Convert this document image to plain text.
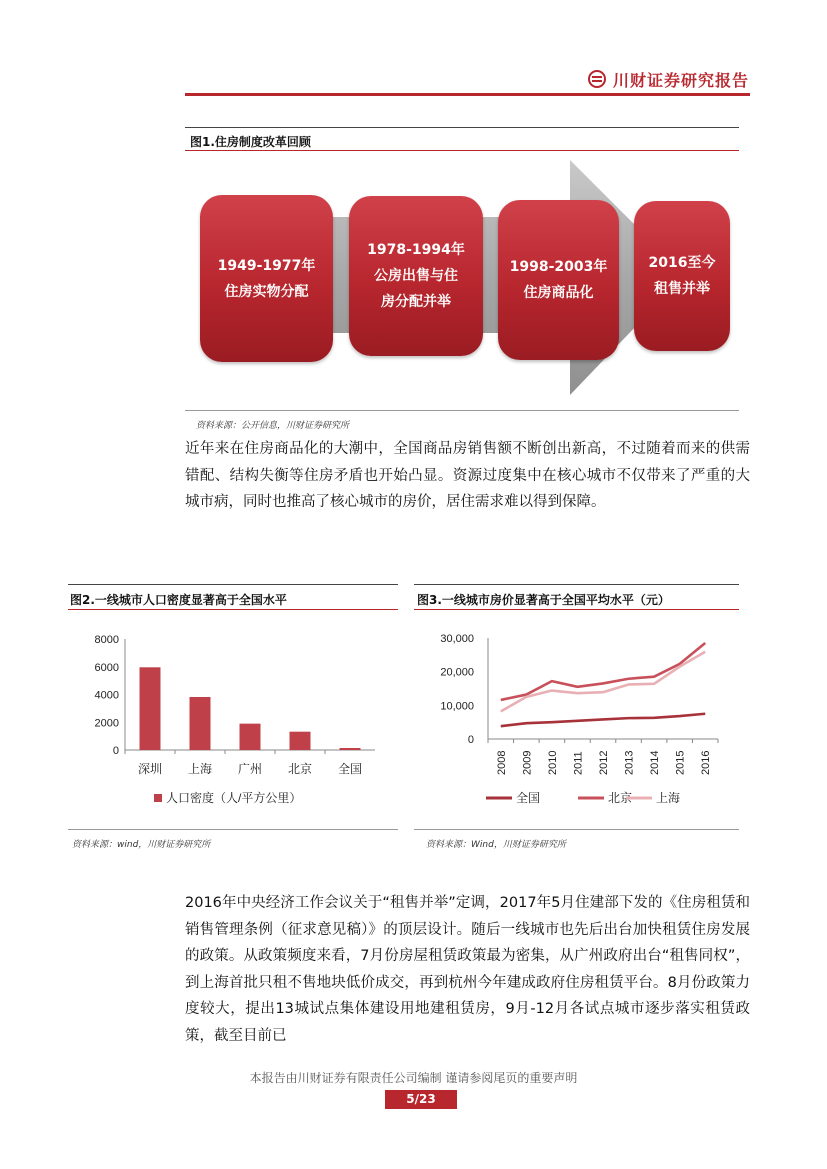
川财证券研究报告
图1.住房制度改革回顾
1949-1977年
住房实物分配
1978-1994年
公房出售与住
房分配并举
1998-2003年
住房商品化
2016至今
租售并举
资料来源：公开信息，川财证券研究所
近年来在住房商品化的大潮中，全国商品房销售额不断创出新高，不过随着而来的供需错配、结构失衡等住房矛盾也开始凸显。资源过度集中在核心城市不仅带来了严重的大城市病，同时也推高了核心城市的房价，居住需求难以得到保障。
图2.一线城市人口密度显著高于全国水平
8000
6000
4000
2000
0
深圳 上海 广州 北京 全国
人口密度（人/平方公里）
资料来源：wind，川财证券研究所
图3.一线城市房价显著高于全国平均水平（元）
30,000
20,000
10,000
0
2008 2009 2010 2011 2012 2013 2014 2015 2016
全国	北京 上海
资料来源：Wind，川财证券研究所
2016年中央经济工作会议关于“租售并举”定调，2017年5月住建部下发的《住房租赁和销售管理条例（征求意见稿）》的顶层设计。随后一线城市也先后出台加快租赁住房发展的政策。从政策频度来看，7月份房屋租赁政策最为密集，从广州政府出台“租售同权”，到上海首批只租不售地块低价成交，再到杭州今年建成政府住房租赁平台。8月份政策力度较大，提出13城试点集体建设用地建租赁房，9月-12月各试点城市逐步落实租赁政策，截至目前已
本报告由川财证券有限责任公司编制 谨请参阅尾页的重要声明
5/23
